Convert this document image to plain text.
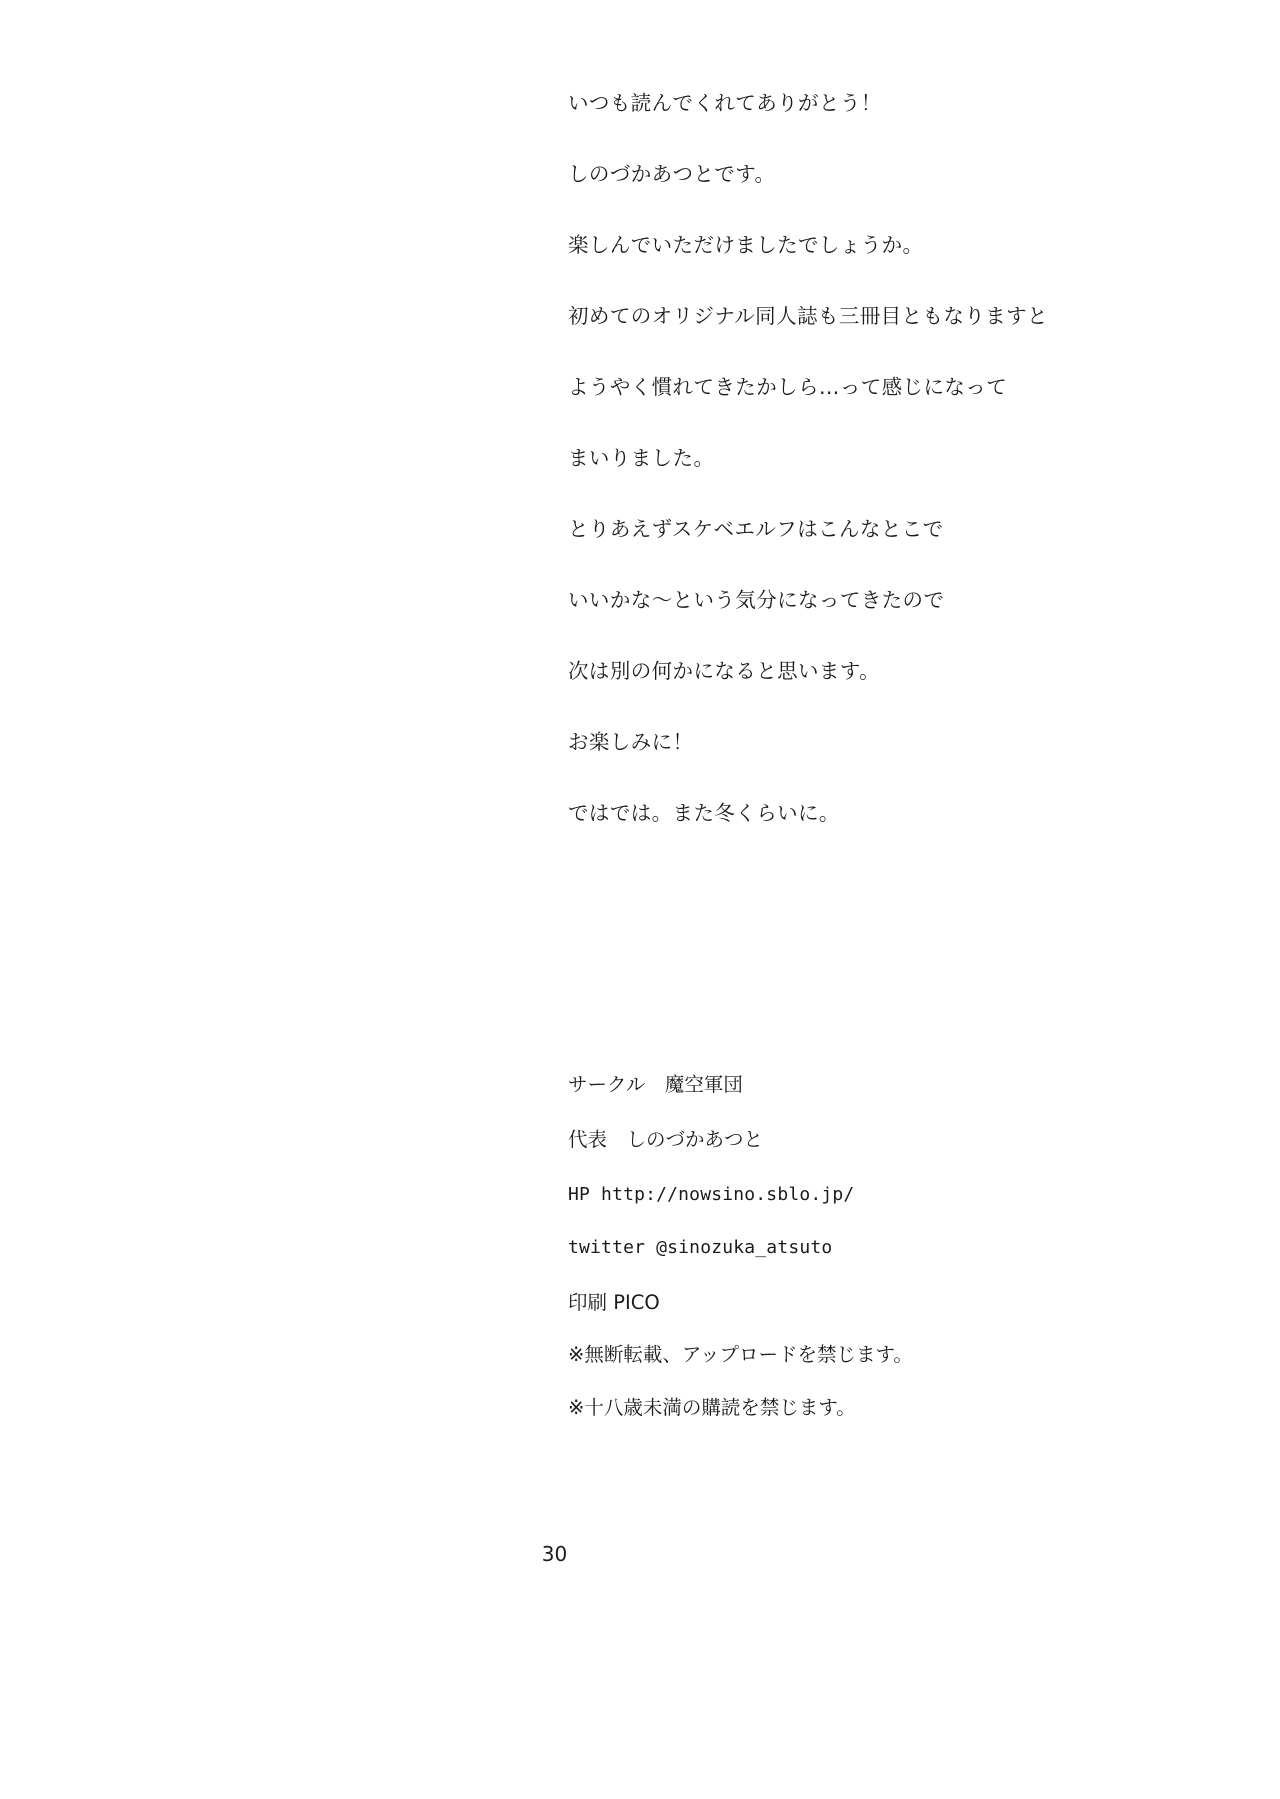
いつも読んでくれてありがとう！

しのづかあつとです。

楽しんでいただけましたでしょうか。

初めてのオリジナル同人誌も三冊目ともなりますと

ようやく慣れてきたかしら…って感じになって

まいりました。

とりあえずスケベエルフはこんなとこで

いいかな～という気分になってきたので

次は別の何かになると思います。

お楽しみに！

ではでは。また冬くらいに。

サークル　魔空軍団
代表　しのづかあつと
HP http://nowsino.sblo.jp/
twitter @sinozuka_atsuto
印刷 PICO
※無断転載、アップロードを禁じます。
※十八歳未満の購読を禁じます。
30
